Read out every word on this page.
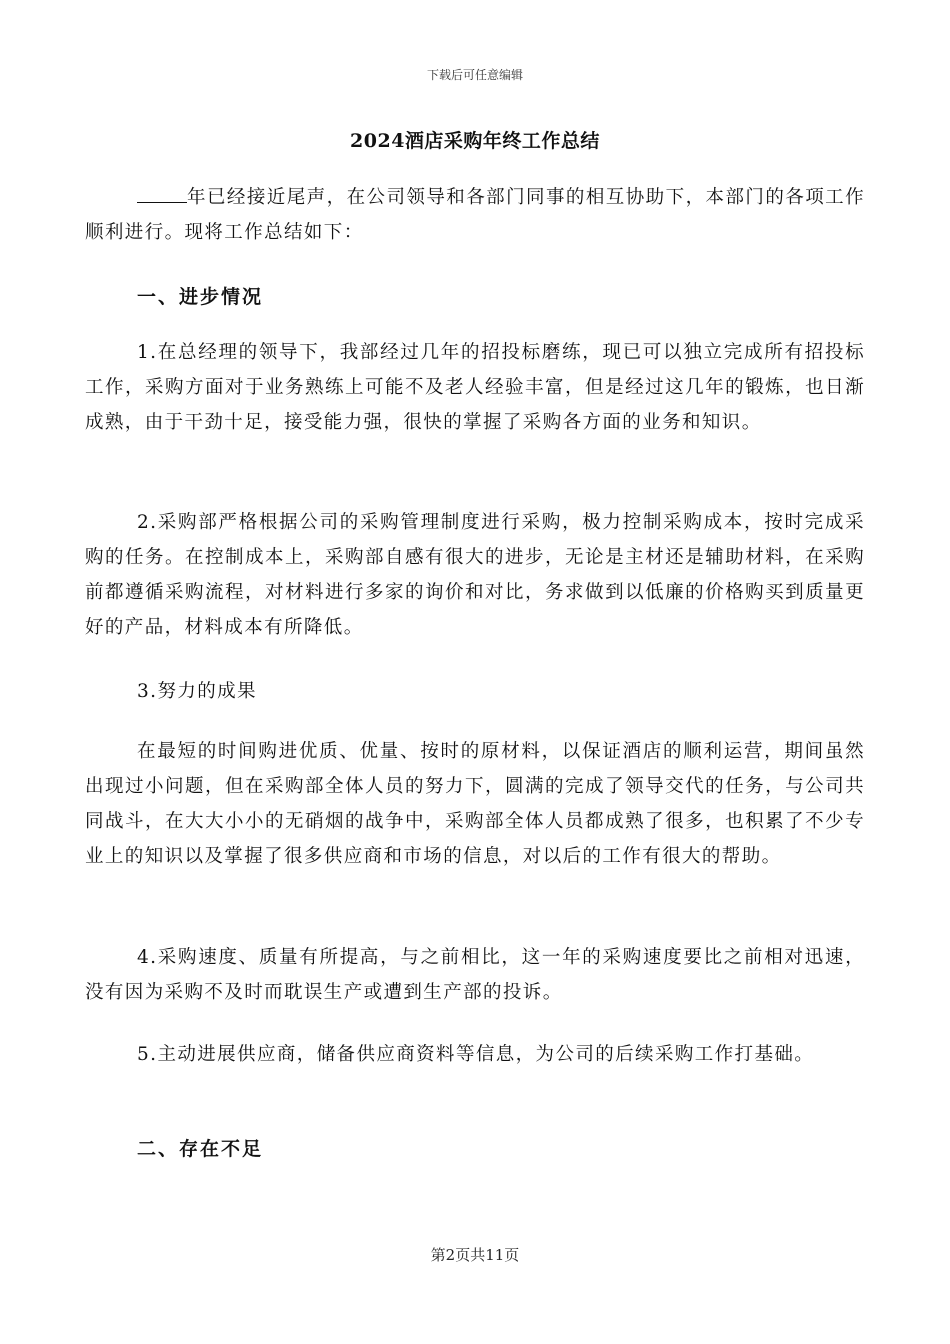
下载后可任意编辑
2024酒店采购年终工作总结
年已经接近尾声，在公司领导和各部门同事的相互协助下，本部门的各项工作顺利进行。现将工作总结如下：
一、进步情况
1.在总经理的领导下，我部经过几年的招投标磨练，现已可以独立完成所有招投标工作，采购方面对于业务熟练上可能不及老人经验丰富，但是经过这几年的锻炼，也日渐成熟，由于干劲十足，接受能力强，很快的掌握了采购各方面的业务和知识。
2.采购部严格根据公司的采购管理制度进行采购，极力控制采购成本，按时完成采购的任务。在控制成本上，采购部自感有很大的进步，无论是主材还是辅助材料，在采购前都遵循采购流程，对材料进行多家的询价和对比，务求做到以低廉的价格购买到质量更好的产品，材料成本有所降低。
3.努力的成果
在最短的时间购进优质、优量、按时的原材料，以保证酒店的顺利运营，期间虽然出现过小问题，但在采购部全体人员的努力下，圆满的完成了领导交代的任务，与公司共同战斗，在大大小小的无硝烟的战争中，采购部全体人员都成熟了很多，也积累了不少专业上的知识以及掌握了很多供应商和市场的信息，对以后的工作有很大的帮助。
4.采购速度、质量有所提高，与之前相比，这一年的采购速度要比之前相对迅速，没有因为采购不及时而耽误生产或遭到生产部的投诉。
5.主动进展供应商，储备供应商资料等信息，为公司的后续采购工作打基础。
二、存在不足
第2页共11页
